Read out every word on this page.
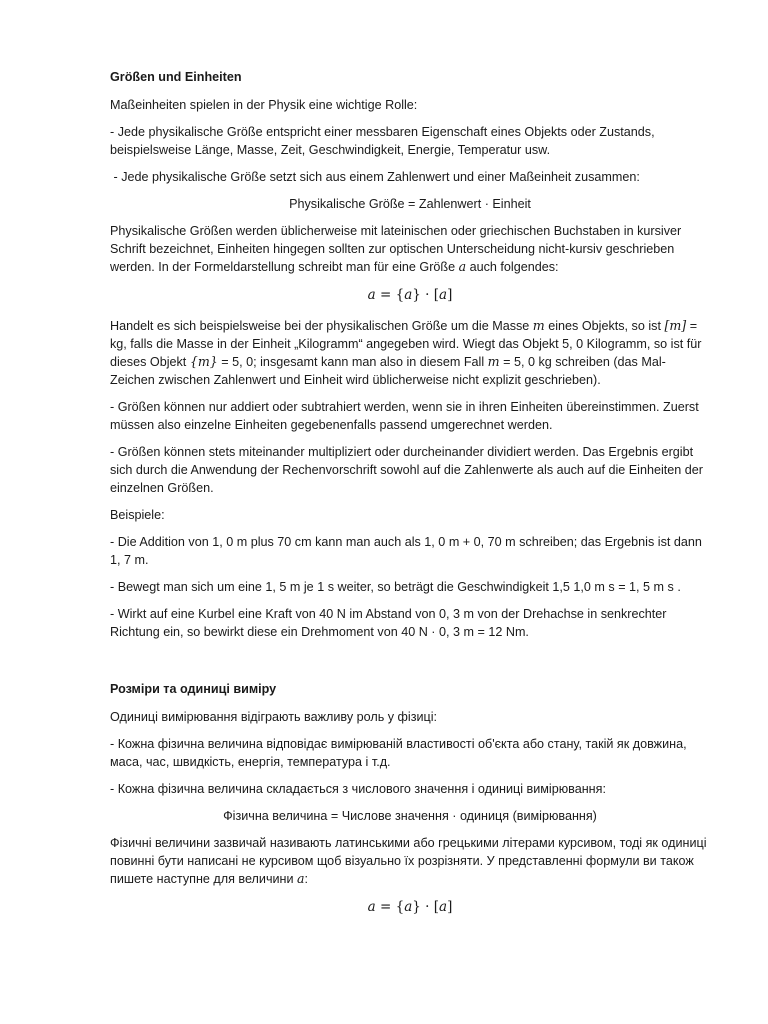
Größen und Einheiten

Maßeinheiten spielen in der Physik eine wichtige Rolle:

- Jede physikalische Größe entspricht einer messbaren Eigenschaft eines Objekts oder Zustands, beispielsweise Länge, Masse, Zeit, Geschwindigkeit, Energie, Temperatur usw.

- Jede physikalische Größe setzt sich aus einem Zahlenwert und einer Maßeinheit zusammen:

Physikalische Größe = Zahlenwert · Einheit

Physikalische Größen werden üblicherweise mit lateinischen oder griechischen Buchstaben in kursiver Schrift bezeichnet, Einheiten hingegen sollten zur optischen Unterscheidung nicht-kursiv geschrieben werden. In der Formeldarstellung schreibt man für eine Größe a auch folgendes:

a = {a} · [a]

Handelt es sich beispielsweise bei der physikalischen Größe um die Masse m eines Objekts, so ist [m] = kg, falls die Masse in der Einheit „Kilogramm“ angegeben wird. Wiegt das Objekt 5, 0 Kilogramm, so ist für dieses Objekt {m} = 5, 0; insgesamt kann man also in diesem Fall m = 5, 0 kg schreiben (das Mal-Zeichen zwischen Zahlenwert und Einheit wird üblicherweise nicht explizit geschrieben).

- Größen können nur addiert oder subtrahiert werden, wenn sie in ihren Einheiten übereinstimmen. Zuerst müssen also einzelne Einheiten gegebenenfalls passend umgerechnet werden.

- Größen können stets miteinander multipliziert oder durcheinander dividiert werden. Das Ergebnis ergibt sich durch die Anwendung der Rechenvorschrift sowohl auf die Zahlenwerte als auch auf die Einheiten der einzelnen Größen.

Beispiele:

- Die Addition von 1, 0 m plus 70 cm kann man auch als 1, 0 m + 0, 70 m schreiben; das Ergebnis ist dann 1, 7 m.

- Bewegt man sich um eine 1, 5 m je 1 s weiter, so beträgt die Geschwindigkeit 1,5 1,0 m s = 1, 5 m s .

- Wirkt auf eine Kurbel eine Kraft von 40 N im Abstand von 0, 3 m von der Drehachse in senkrechter Richtung ein, so bewirkt diese ein Drehmoment von 40 N · 0, 3 m = 12 Nm.

Розміри та одиниці виміру

Одиниці вимірювання відіграють важливу роль у фізиці:

- Кожна фізична величина відповідає вимірюваній властивості об'єкта або стану, такій як довжина, маса, час, швидкість, енергія, температура і т.д.

- Кожна фізична величина складається з числового значення і одиниці вимірювання:

Фізична величина = Числове значення · одиниця (вимірювання)

Фізичні величини зазвичай називають латинськими або грецькими літерами курсивом, тоді як одиниці повинні бути написані не курсивом щоб візуально їх розрізняти. У представленні формули ви також пишете наступне для величини a:

a = {a} · [a]
